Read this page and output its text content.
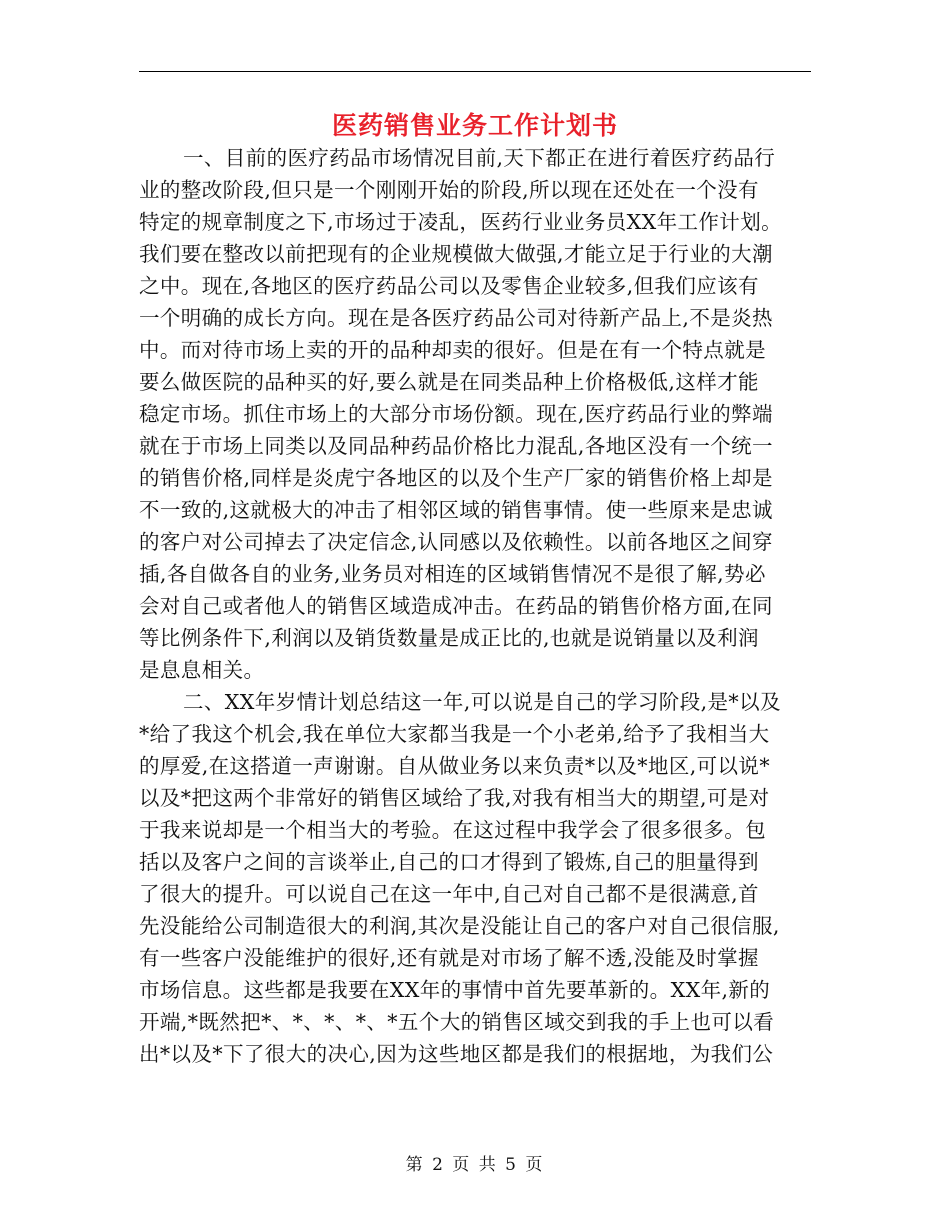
医药销售业务工作计划书
一、目前的医疗药品市场情况目前,天下都正在进行着医疗药品行
业的整改阶段,但只是一个刚刚开始的阶段,所以现在还处在一个没有
特定的规章制度之下,市场过于凌乱，医药行业业务员XX年工作计划。
我们要在整改以前把现有的企业规模做大做强,才能立足于行业的大潮
之中。现在,各地区的医疗药品公司以及零售企业较多,但我们应该有
一个明确的成长方向。现在是各医疗药品公司对待新产品上,不是炎热
中。而对待市场上卖的开的品种却卖的很好。但是在有一个特点就是
要么做医院的品种买的好,要么就是在同类品种上价格极低,这样才能
稳定市场。抓住市场上的大部分市场份额。现在,医疗药品行业的弊端
就在于市场上同类以及同品种药品价格比力混乱,各地区没有一个统一
的销售价格,同样是炎虎宁各地区的以及个生产厂家的销售价格上却是
不一致的,这就极大的冲击了相邻区域的销售事情。使一些原来是忠诚
的客户对公司掉去了决定信念,认同感以及依赖性。以前各地区之间穿
插,各自做各自的业务,业务员对相连的区域销售情况不是很了解,势必
会对自己或者他人的销售区域造成冲击。在药品的销售价格方面,在同
等比例条件下,利润以及销货数量是成正比的,也就是说销量以及利润
是息息相关。
二、XX年岁情计划总结这一年,可以说是自己的学习阶段,是*以及
*给了我这个机会,我在单位大家都当我是一个小老弟,给予了我相当大
的厚爱,在这搭道一声谢谢。自从做业务以来负责*以及*地区,可以说*
以及*把这两个非常好的销售区域给了我,对我有相当大的期望,可是对
于我来说却是一个相当大的考验。在这过程中我学会了很多很多。包
括以及客户之间的言谈举止,自己的口才得到了锻炼,自己的胆量得到
了很大的提升。可以说自己在这一年中,自己对自己都不是很满意,首
先没能给公司制造很大的利润,其次是没能让自己的客户对自己很信服,
有一些客户没能维护的很好,还有就是对市场了解不透,没能及时掌握
市场信息。这些都是我要在XX年的事情中首先要革新的。XX年,新的
开端,*既然把*、*、*、*、*五个大的销售区域交到我的手上也可以看
出*以及*下了很大的决心,因为这些地区都是我们的根据地，为我们公
第 2 页 共 5 页
